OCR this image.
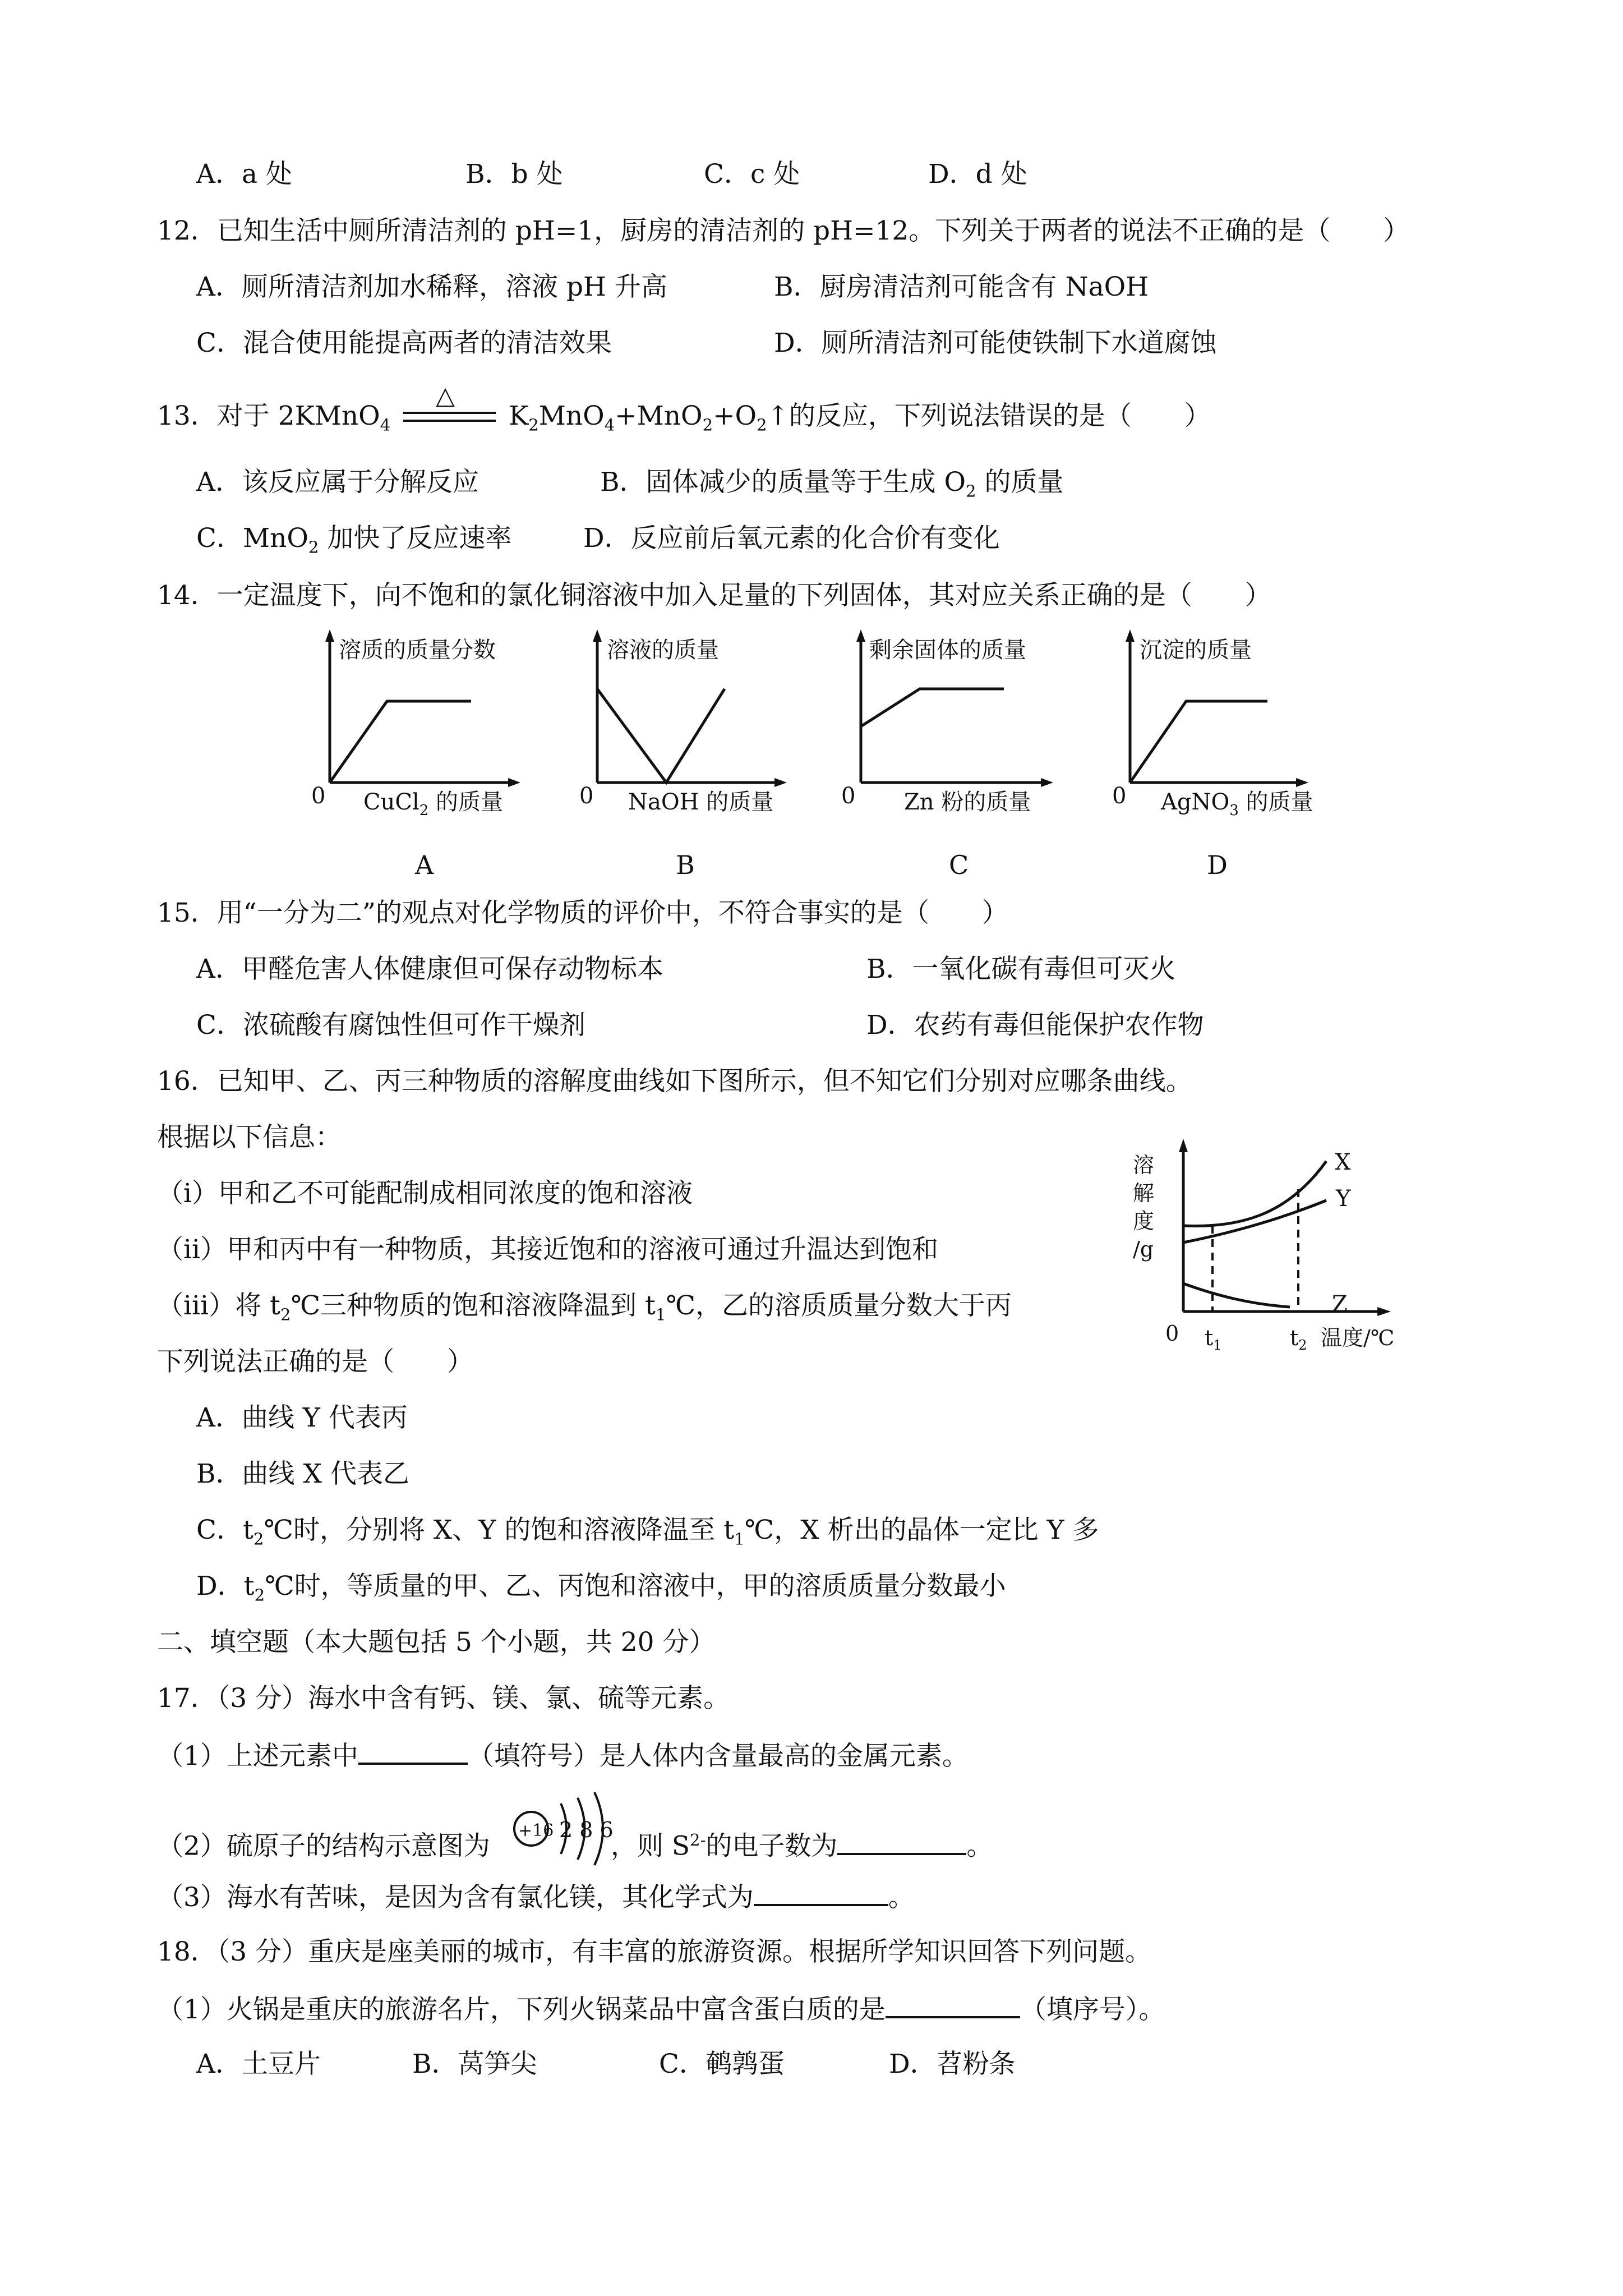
A．a 处	B．b 处	C．c 处	D．d 处
12．已知生活中厕所清洁剂的 pH=1，厨房的清洁剂的 pH=12。下列关于两者的说法不正确的是（　　）
A．厕所清洁剂加水稀释，溶液 pH 升高	B．厨房清洁剂可能含有 NaOH
C．混合使用能提高两者的清洁效果	D．厕所清洁剂可能使铁制下水道腐蚀
13．对于 2KMnO$_4$
△
$K_2MnO_4+MnO_2+O_2↑$的反应，下列说法错误的是（　　）
A．该反应属于分解反应	B．固体减少的质量等于生成 $O_2$ 的质量
C．MnO$_2$ 加快了反应速率	D．反应前后氧元素的化合价有变化
14．一定温度下，向不饱和的氯化铜溶液中加入足量的下列固体，其对应关系正确的是（　　）
溶质的质量分数
0 CuCl$_2$ 的质量
溶液的质量
0 NaOH 的质量
剩余固体的质量
0 Zn 粉的质量
沉淀的质量
0 AgNO$_3$ 的质量
A	B	C	D
15．用“一分为二”的观点对化学物质的评价中，不符合事实的是（　　）
A．甲醛危害人体健康但可保存动物标本	B．一氧化碳有毒但可灭火
C．浓硫酸有腐蚀性但可作干燥剂	D．农药有毒但能保护农作物
16．已知甲、乙、丙三种物质的溶解度曲线如下图所示，但不知它们分别对应哪条曲线。
根据以下信息：
（ⅰ）甲和乙不可能配制成相同浓度的饱和溶液
（ⅱ）甲和丙中有一种物质，其接近饱和的溶液可通过升温达到饱和
（ⅲ）将 $t_2℃$三种物质的饱和溶液降温到 $t_1℃$，乙的溶质质量分数大于丙
下列说法正确的是（　　）
A．曲线 Y 代表丙
B．曲线 X 代表乙
C．$t_2℃$时，分别将 X、Y 的饱和溶液降温至 $t_1℃$，X 析出的晶体一定比 Y 多
D．$t_2℃$时，等质量的甲、乙、丙饱和溶液中，甲的溶质质量分数最小
X
Y
Z
溶
解
度
/g
0 $t_1$	$t_2$ 温度/℃
二、填空题（本大题包括 5 个小题，共 20 分）
17．（3 分）海水中含有钙、镁、氯、硫等元素。
（1）上述元素中	（填符号）是人体内含量最高的金属元素。
+16 2 8 6
（2）硫原子的结构示意图为	，则 $S^{2-}$的电子数为	。
（3）海水有苦味，是因为含有氯化镁，其化学式为	。
18．（3 分）重庆是座美丽的城市，有丰富的旅游资源。根据所学知识回答下列问题。
（1）火锅是重庆的旅游名片，下列火锅菜品中富含蛋白质的是	（填序号）。
A．土豆片	B．莴笋尖	C．鹌鹑蛋	D．苕粉条
